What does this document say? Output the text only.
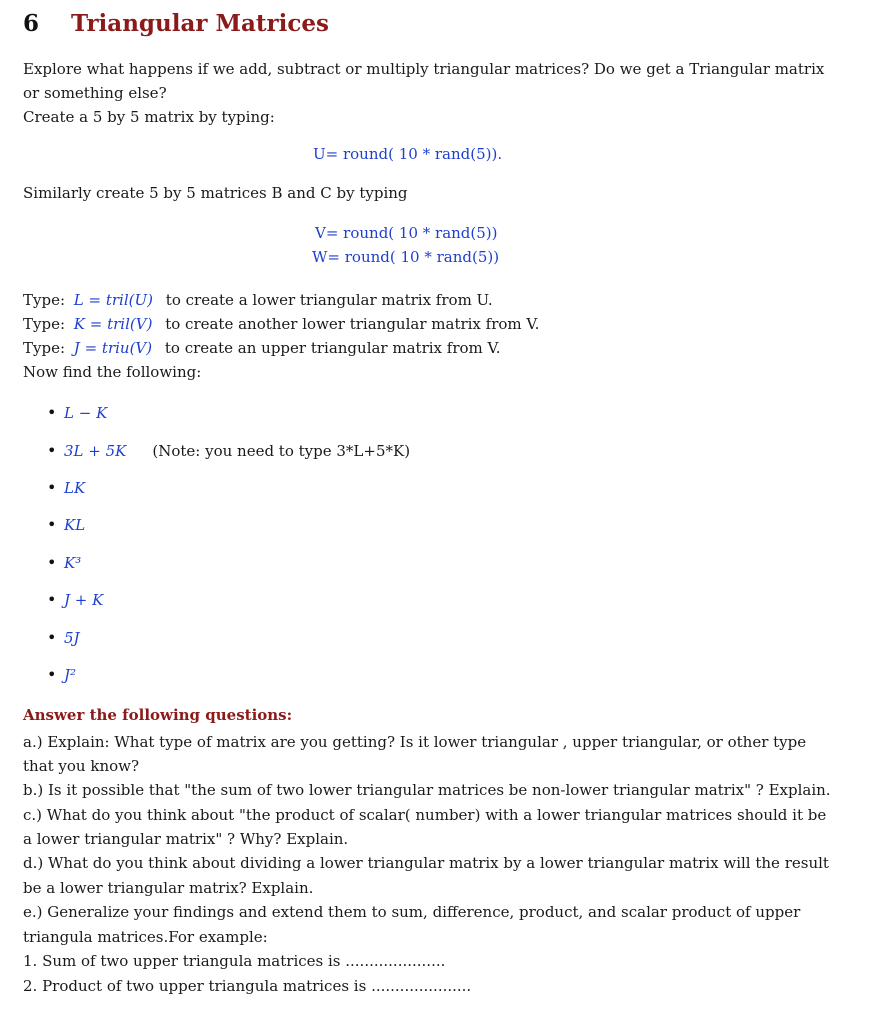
6 Triangular Matrices
Explore what happens if we add, subtract or multiply triangular matrices? Do we get a Triangular matrix
or something else?
Create a 5 by 5 matrix by typing:
U= round( 10 * rand(5)).
Similarly create 5 by 5 matrices B and C by typing
V= round( 10 * rand(5))
W= round( 10 * rand(5))
Type: L = tril(U) to create a lower triangular matrix from U.
Type: K = tril(V) to create another lower triangular matrix from V.
Type: J = triu(V) to create an upper triangular matrix from V.
Now find the following:
• L − K
• 3L + 5K (Note: you need to type 3*L+5*K)
• LK
• KL
• K³
• J + K
• 5J
• J²
Answer the following questions:
a.) Explain: What type of matrix are you getting? Is it lower triangular , upper triangular, or other type
that you know?
b.) Is it possible that "the sum of two lower triangular matrices be non-lower triangular matrix" ? Explain.
c.) What do you think about "the product of scalar( number) with a lower triangular matrices should it be
a lower triangular matrix" ? Why? Explain.
d.) What do you think about dividing a lower triangular matrix by a lower triangular matrix will the result
be a lower triangular matrix? Explain.
e.) Generalize your findings and extend them to sum, difference, product, and scalar product of upper
triangula matrices.For example:
1. Sum of two upper triangula matrices is .....................
2. Product of two upper triangula matrices is .....................
